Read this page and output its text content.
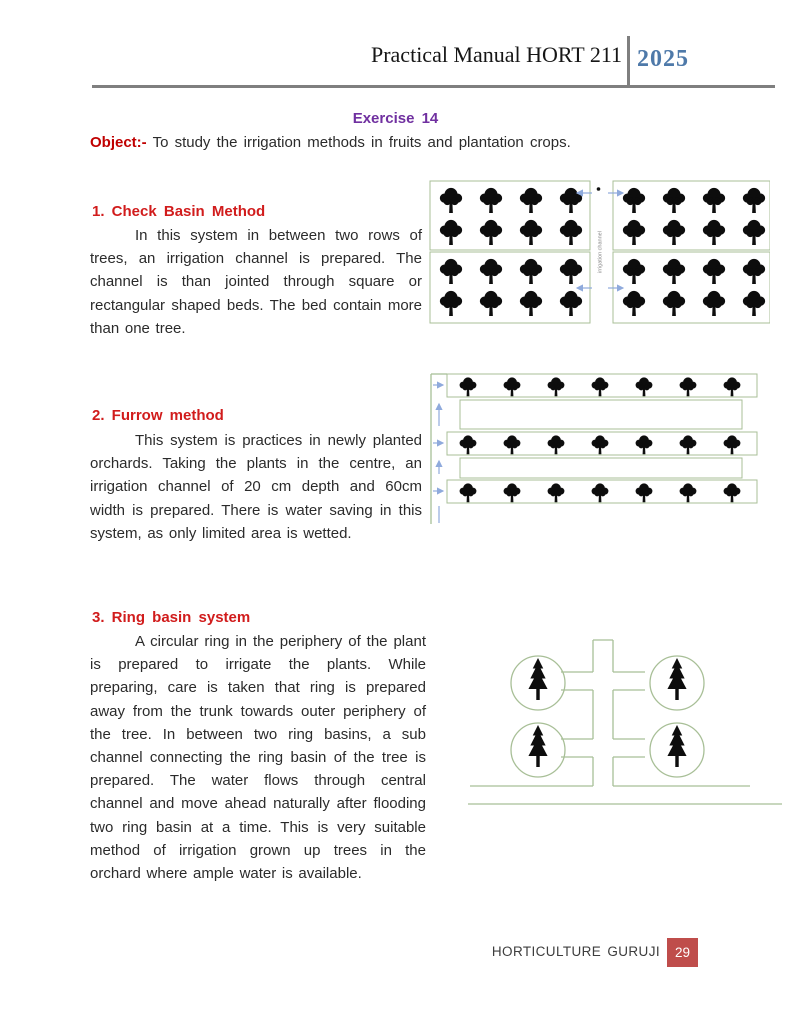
Practical Manual HORT 211 2025
Exercise 14
Object:- To study the irrigation methods in fruits and plantation crops.
1. Check Basin Method
In this system in between two rows of trees, an irrigation channel is prepared. The channel is than jointed through square or rectangular shaped beds. The bed contain more than one tree.
irrigation channel
2. Furrow method
This system is practices in newly planted orchards. Taking the plants in the centre, an irrigation channel of 20 cm depth and 60cm width is prepared. There is water saving in this system, as only limited area is wetted.
3. Ring basin system
A circular ring in the periphery of the plant is prepared to irrigate the plants. While preparing, care is taken that ring is prepared away from the trunk towards outer periphery of the tree. In between two ring basins, a sub channel connecting the ring basin of the tree is prepared. The water flows through central channel and move ahead naturally after flooding two ring basin at a time. This is very suitable method of irrigation grown up trees in the orchard where ample water is available.
HORTICULTURE GURUJI	29
